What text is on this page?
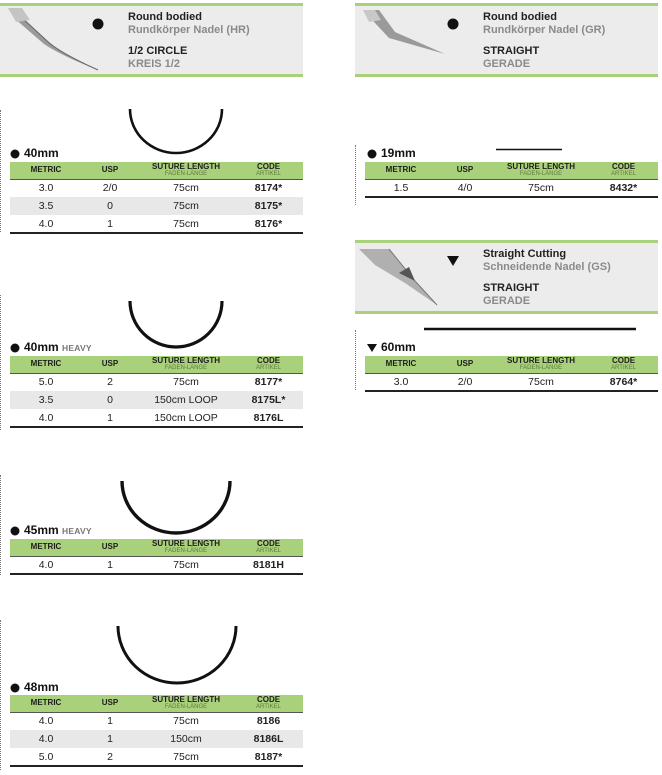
Round bodied
Rundkörper Nadel (HR)
1/2 CIRCLE
KREIS 1/2
Round bodied
Rundkörper Nadel (GR)
STRAIGHT
GERADE
Straight Cutting
Schneidende Nadel (GS)
STRAIGHT
GERADE
40mm
METRIC	USP	SUTURE LENGTH
FADEN-LÄNGE	CODE
ARTIKEL

3.0	2/0	75cm	8174*
3.5	0	75cm	8175*
4.0	1	75cm	8176*
40mm HEAVY
METRIC	USP	SUTURE LENGTH
FADEN-LÄNGE	CODE
ARTIKEL

5.0	2	75cm	8177*
3.5	0	150cm LOOP	8175L*
4.0	1	150cm LOOP	8176L
45mm HEAVY
METRIC	USP	SUTURE LENGTH
FADEN-LÄNGE	CODE
ARTIKEL

4.0	1	75cm	8181H
48mm
METRIC	USP	SUTURE LENGTH
FADEN-LÄNGE	CODE
ARTIKEL

4.0	1	75cm	8186
4.0	1	150cm	8186L
5.0	2	75cm	8187*
19mm
METRIC	USP	SUTURE LENGTH
FADEN-LÄNGE	CODE
ARTIKEL

1.5	4/0	75cm	8432*
60mm
METRIC	USP	SUTURE LENGTH
FADEN-LÄNGE	CODE
ARTIKEL

3.0	2/0	75cm	8764*
